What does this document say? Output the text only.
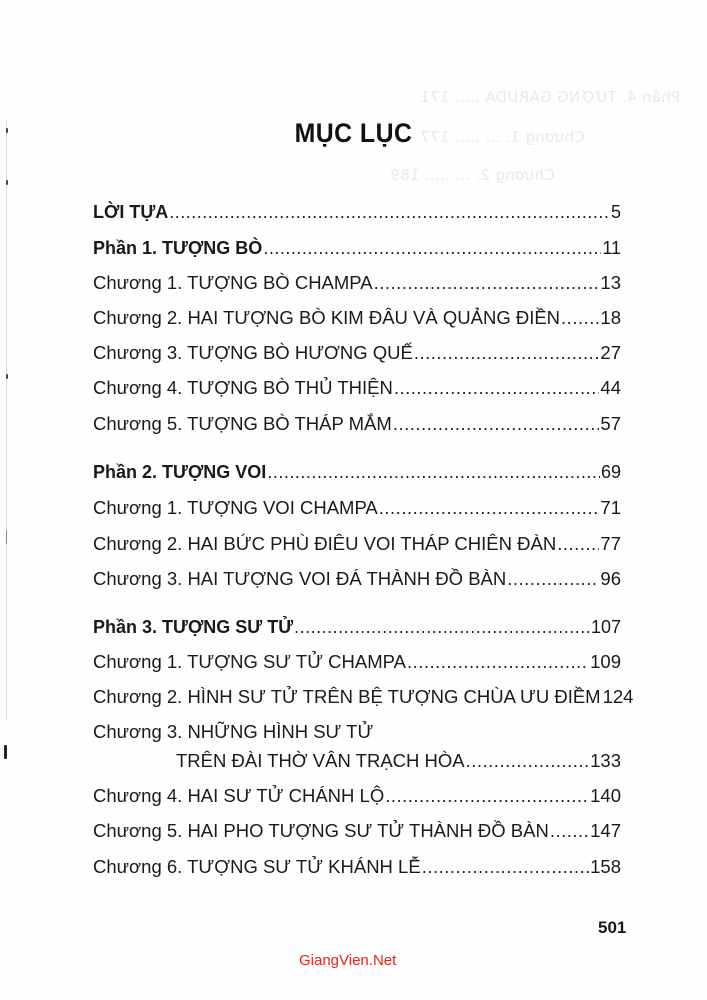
Phần 4. TƯỢNG GARUDA ..... 171
Chương 1. ... ..... 177
Chương 2. ... ..... 189
MỤC LỤC
LỜI TỰA .....	5
Phần 1. TƯỢNG BÒ .....	11
Chương 1. TƯỢNG BÒ CHAMPA .....	13
Chương 2. HAI TƯỢNG BÒ KIM ĐÂU VÀ QUẢNG ĐIỀN ..... 18
Chương 3. TƯỢNG BÒ HƯƠNG QUẾ .....	27
Chương 4. TƯỢNG BÒ THỦ THIỆN .....	44
Chương 5. TƯỢNG BÒ THÁP MẮM .....	57
Phần 2. TƯỢNG VOI .....	69
Chương 1. TƯỢNG VOI CHAMPA .....	71
Chương 2. HAI BỨC PHÙ ĐIÊU VOI THÁP CHIÊN ĐÀN ..... 77
Chương 3. HAI TƯỢNG VOI ĐÁ THÀNH ĐỒ BÀN .....	96
Phần 3. TƯỢNG SƯ TỬ .....	107
Chương 1. TƯỢNG SƯ TỬ CHAMPA .....	109
Chương 2. HÌNH SƯ TỬ TRÊN BỆ TƯỢNG CHÙA ƯU ĐIỀM 124
Chương 3. NHỮNG HÌNH SƯ TỬ
TRÊN ĐÀI THỜ VÂN TRẠCH HÒA .....	133
Chương 4. HAI SƯ TỬ CHÁNH LỘ .....	140
Chương 5. HAI PHO TƯỢNG SƯ TỬ THÀNH ĐỒ BÀN ..... 147
Chương 6. TƯỢNG SƯ TỬ KHÁNH LỄ .....	158
501
GiangVien.Net
